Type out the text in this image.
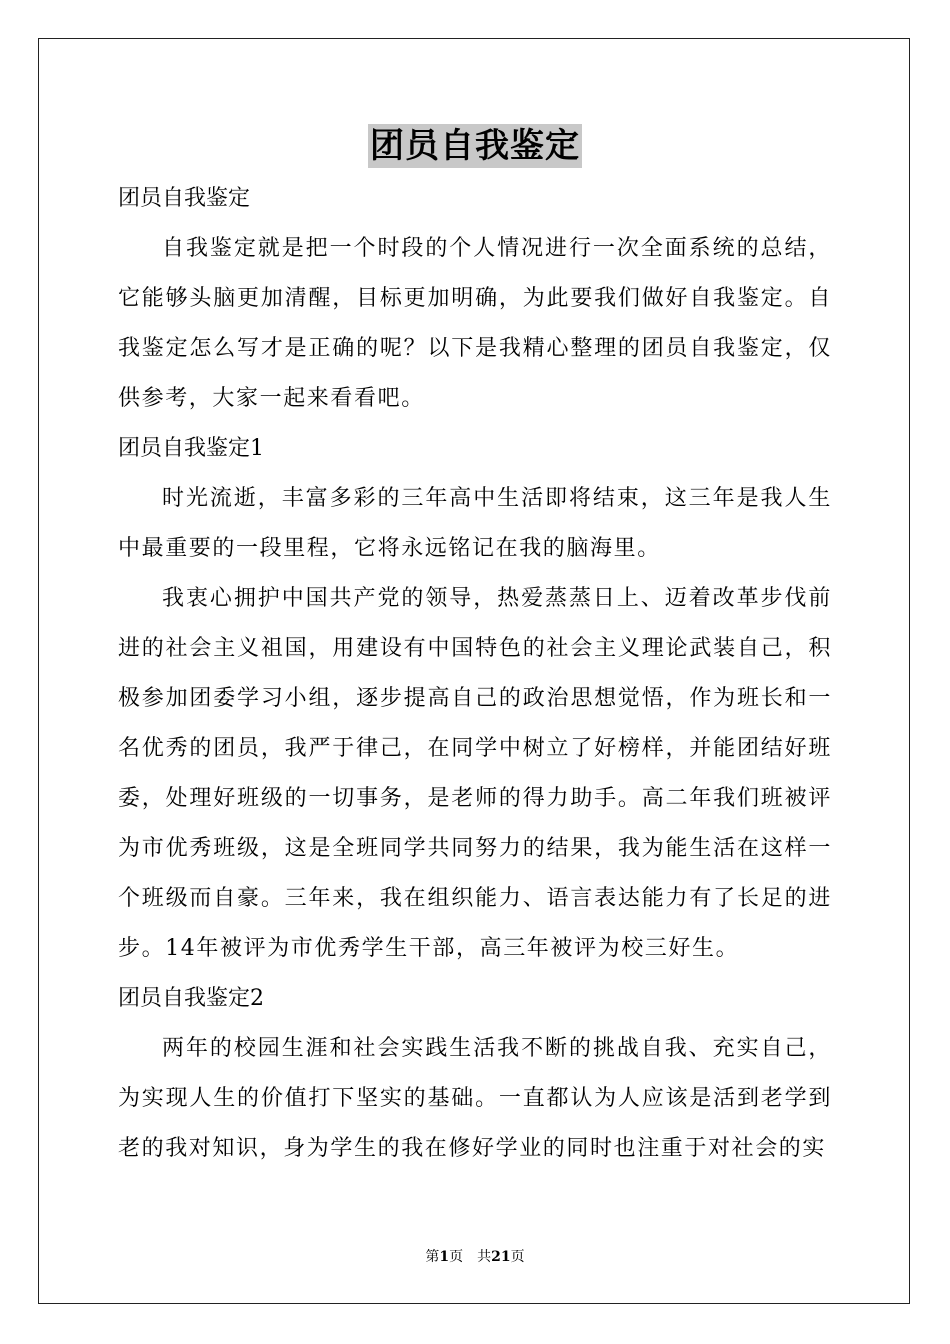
团员自我鉴定

团员自我鉴定

自我鉴定就是把一个时段的个人情况进行一次全面系统的总结，它能够头脑更加清醒，目标更加明确，为此要我们做好自我鉴定。自我鉴定怎么写才是正确的呢？以下是我精心整理的团员自我鉴定，仅供参考，大家一起来看看吧。

团员自我鉴定1

时光流逝，丰富多彩的三年高中生活即将结束，这三年是我人生中最重要的一段里程，它将永远铭记在我的脑海里。

我衷心拥护中国共产党的领导，热爱蒸蒸日上、迈着改革步伐前进的社会主义祖国，用建设有中国特色的社会主义理论武装自己，积极参加团委学习小组，逐步提高自己的政治思想觉悟，作为班长和一名优秀的团员，我严于律己，在同学中树立了好榜样，并能团结好班委，处理好班级的一切事务，是老师的得力助手。高二年我们班被评为市优秀班级，这是全班同学共同努力的结果，我为能生活在这样一个班级而自豪。三年来，我在组织能力、语言表达能力有了长足的进步。14年被评为市优秀学生干部，高三年被评为校三好生。

团员自我鉴定2

两年的校园生涯和社会实践生活我不断的挑战自我、充实自己，为实现人生的价值打下坚实的基础。一直都认为人应该是活到老学到老的我对知识，身为学生的我在修好学业的同时也注重于对社会的实

第1页　共21页
